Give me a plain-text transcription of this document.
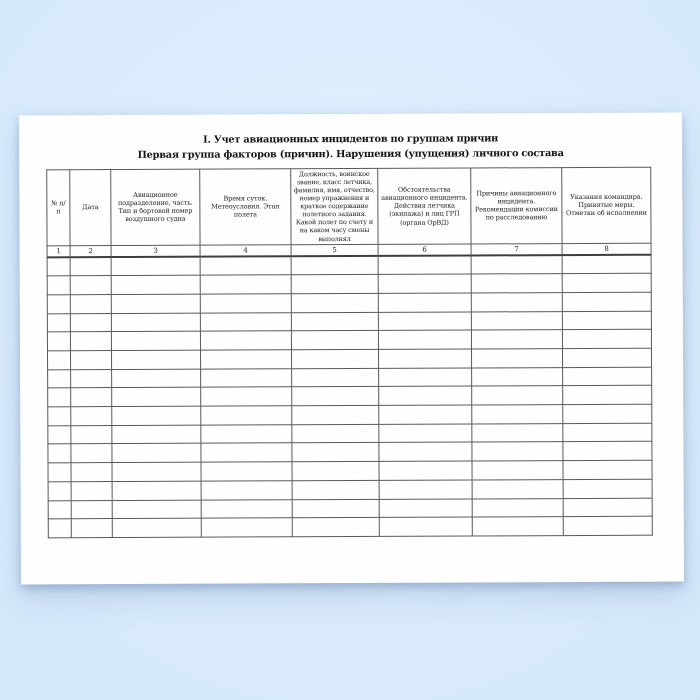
I. Учет авиационных инцидентов по группам причин
Первая группа факторов (причин). Нарушения (упущения) личного состава
№ п/п	Дата	Авиационное подразделение, часть. Тип и бортовой номер воздушного судна	Время суток. Метеоусловия. Этап полета	Должность, воинское звание, класс летчика, фамилия, имя, отчество, номер упражнения и краткое содержание полетного задания. Какой полет по счету и на каком часу смены выполнял	Обстоятельства авиационного инцидента. Действия летчика (экипажа) и лиц ГРП (органа ОрВД)	Причины авиационного инцидента. Рекомендации комиссии по расследованию	Указания командира. Принятые меры. Отметки об исполнении
1	2	3	4	5	6	7	8
